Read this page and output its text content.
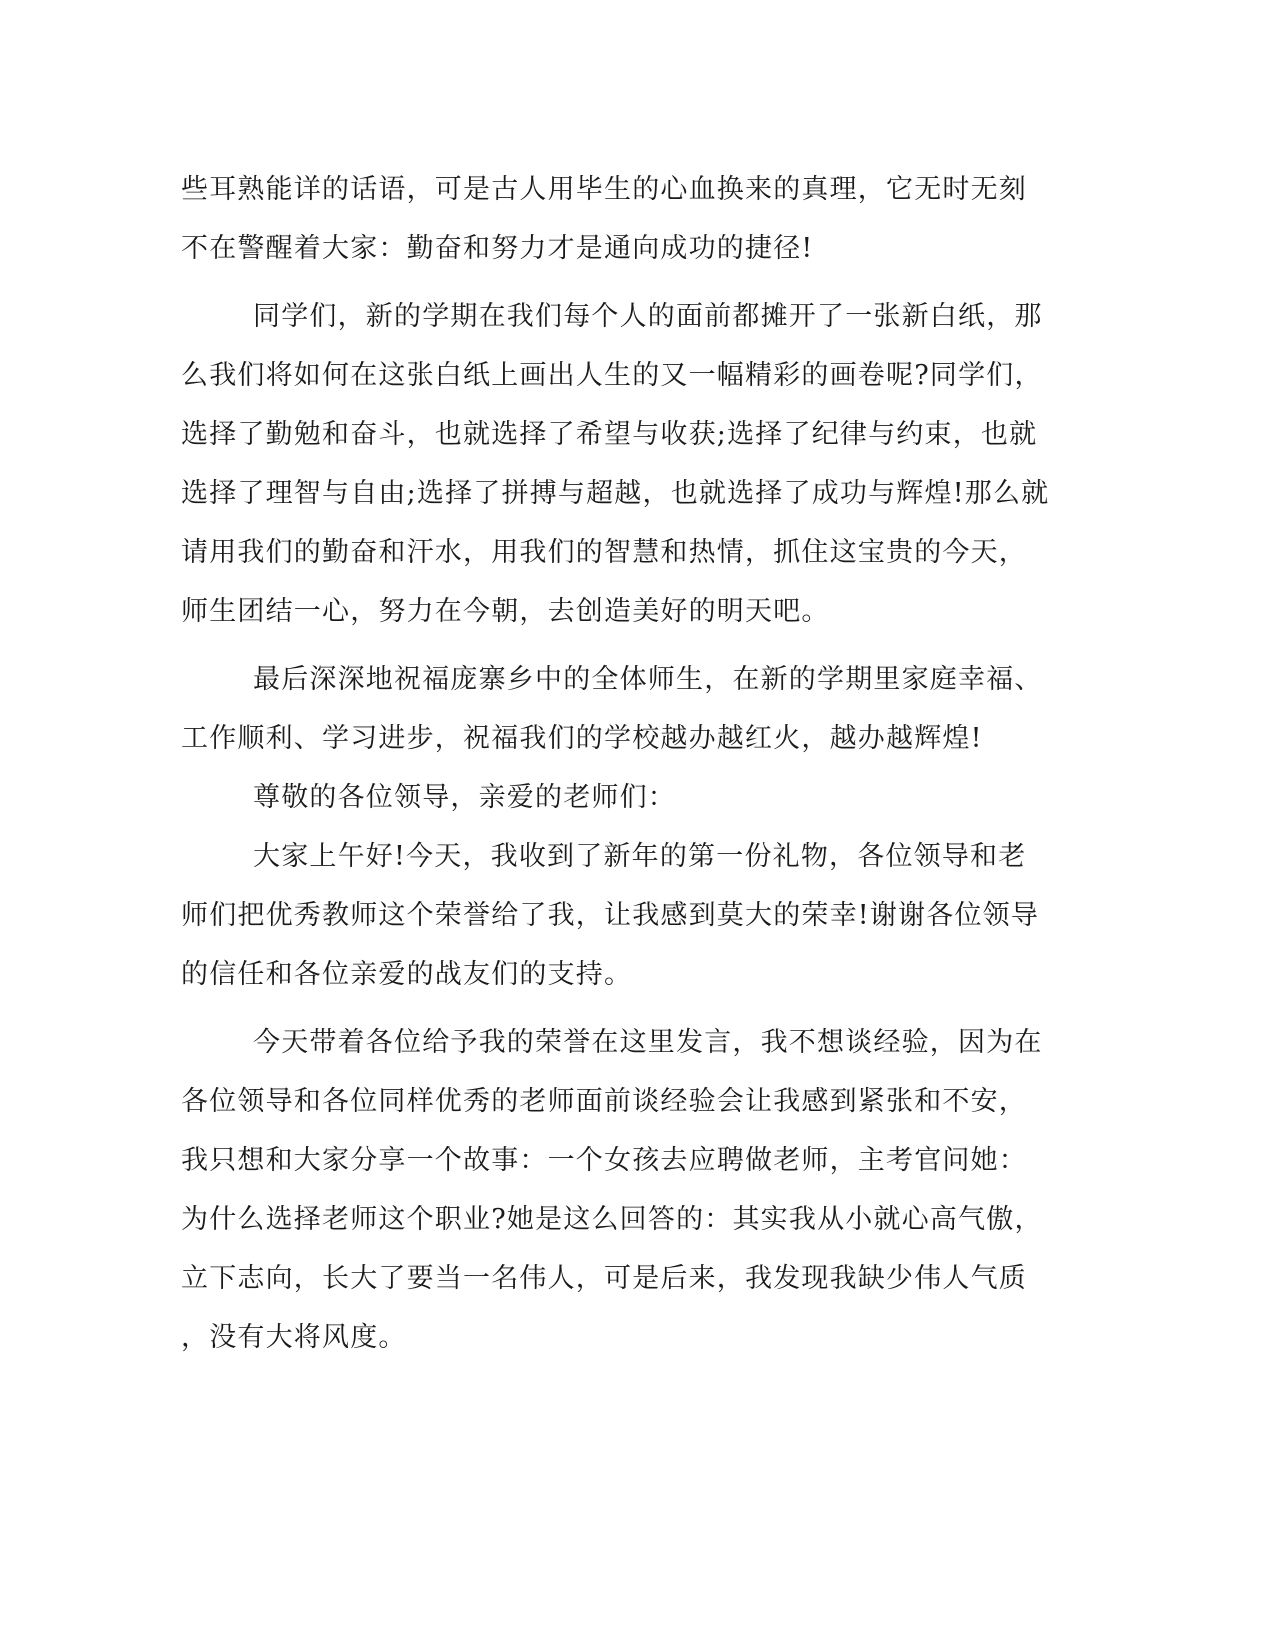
些耳熟能详的话语，可是古人用毕生的心血换来的真理，它无时无刻
不在警醒着大家：勤奋和努力才是通向成功的捷径!
同学们，新的学期在我们每个人的面前都摊开了一张新白纸，那
么我们将如何在这张白纸上画出人生的又一幅精彩的画卷呢?同学们，
选择了勤勉和奋斗，也就选择了希望与收获;选择了纪律与约束，也就
选择了理智与自由;选择了拼搏与超越，也就选择了成功与辉煌!那么就
请用我们的勤奋和汗水，用我们的智慧和热情，抓住这宝贵的今天，
师生团结一心，努力在今朝，去创造美好的明天吧。
最后深深地祝福庞寨乡中的全体师生，在新的学期里家庭幸福、
工作顺利、学习进步，祝福我们的学校越办越红火，越办越辉煌!
尊敬的各位领导，亲爱的老师们：
大家上午好!今天，我收到了新年的第一份礼物，各位领导和老
师们把优秀教师这个荣誉给了我，让我感到莫大的荣幸!谢谢各位领导
的信任和各位亲爱的战友们的支持。
今天带着各位给予我的荣誉在这里发言，我不想谈经验，因为在
各位领导和各位同样优秀的老师面前谈经验会让我感到紧张和不安，
我只想和大家分享一个故事：一个女孩去应聘做老师，主考官问她：
为什么选择老师这个职业?她是这么回答的：其实我从小就心高气傲，
立下志向，长大了要当一名伟人，可是后来，我发现我缺少伟人气质
，没有大将风度。
